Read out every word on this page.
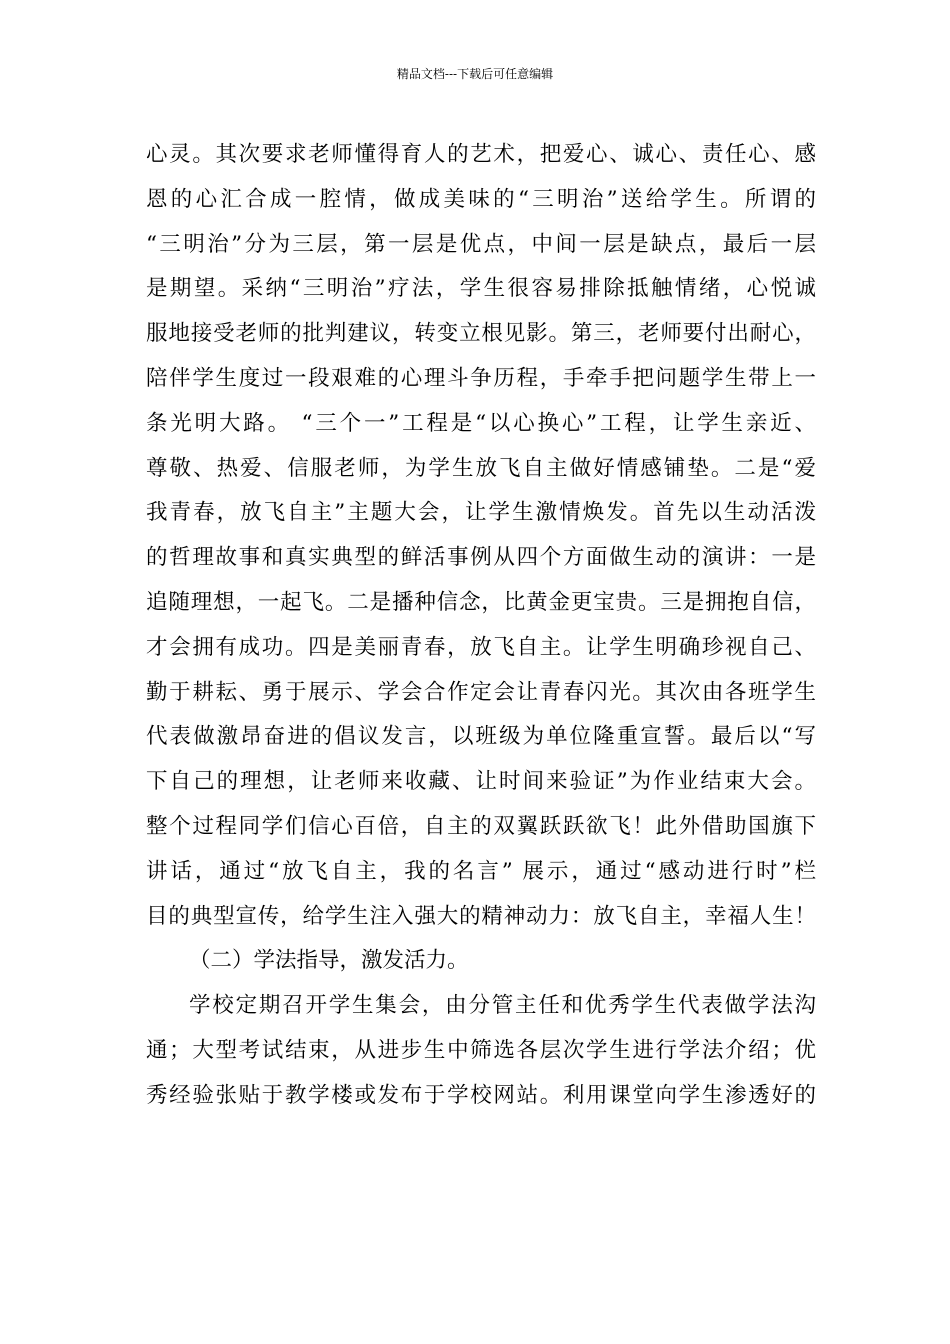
精品文档---下载后可任意编辑
心灵。其次要求老师懂得育人的艺术，把爱心、诚心、责任心、感
恩的心汇合成一腔情，做成美味的“三明治”送给学生。所谓的
“三明治”分为三层，第一层是优点，中间一层是缺点，最后一层
是期望。采纳“三明治”疗法，学生很容易排除抵触情绪，心悦诚
服地接受老师的批判建议，转变立根见影。第三，老师要付出耐心，
陪伴学生度过一段艰难的心理斗争历程，手牵手把问题学生带上一
条光明大路。 “三个一”工程是“以心换心”工程，让学生亲近、
尊敬、热爱、信服老师，为学生放飞自主做好情感铺垫。二是“爱
我青春，放飞自主”主题大会，让学生激情焕发。首先以生动活泼
的哲理故事和真实典型的鲜活事例从四个方面做生动的演讲：一是
追随理想，一起飞。二是播种信念，比黄金更宝贵。三是拥抱自信，
才会拥有成功。四是美丽青春，放飞自主。让学生明确珍视自己、
勤于耕耘、勇于展示、学会合作定会让青春闪光。其次由各班学生
代表做激昂奋进的倡议发言，以班级为单位隆重宣誓。最后以“写
下自己的理想，让老师来收藏、让时间来验证”为作业结束大会。
整个过程同学们信心百倍，自主的双翼跃跃欲飞！此外借助国旗下
讲话，通过“放飞自主，我的名言” 展示，通过“感动进行时”栏
目的典型宣传，给学生注入强大的精神动力：放飞自主，幸福人生！
（二）学法指导，激发活力。
学校定期召开学生集会，由分管主任和优秀学生代表做学法沟
通；大型考试结束，从进步生中筛选各层次学生进行学法介绍；优
秀经验张贴于教学楼或发布于学校网站。利用课堂向学生渗透好的
